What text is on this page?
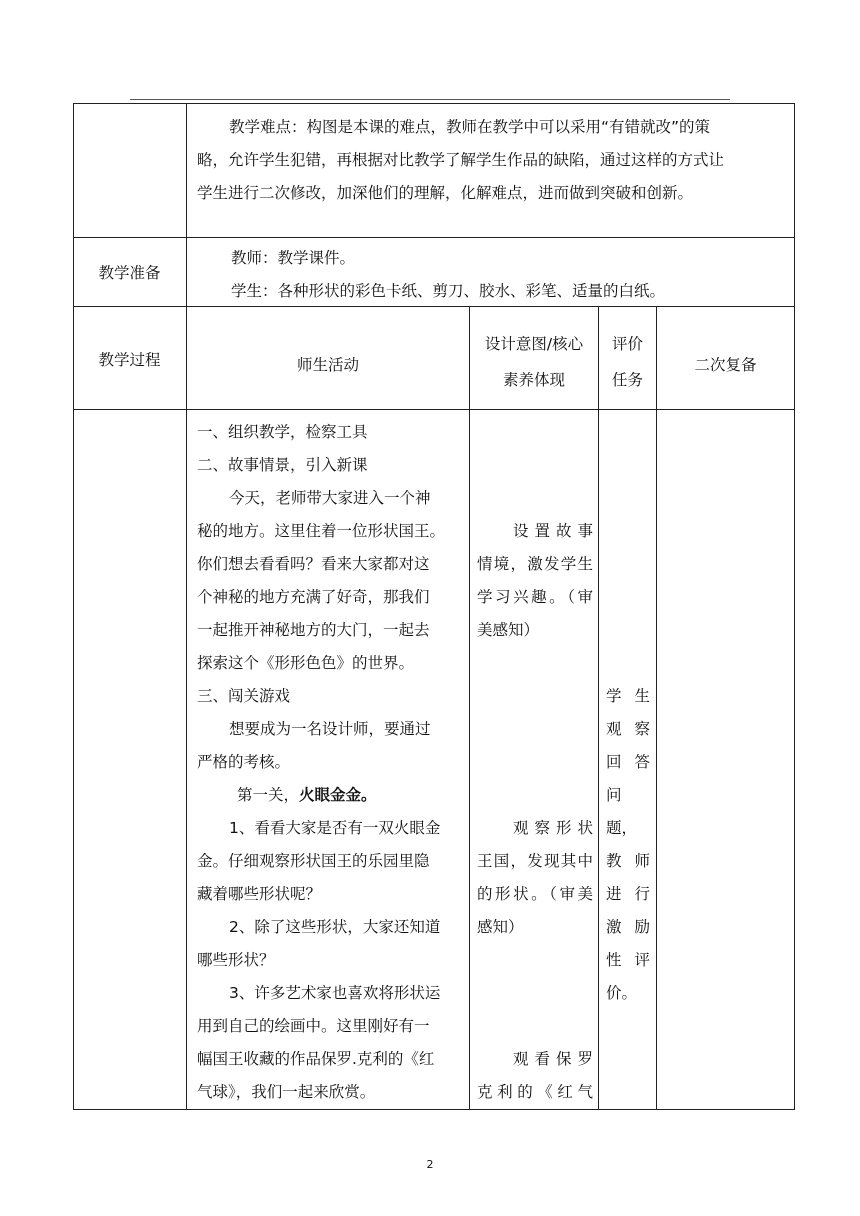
教学难点：构图是本课的难点，教师在教学中可以采用“有错就改”的策
略，允许学生犯错，再根据对比教学了解学生作品的缺陷，通过这样的方式让
学生进行二次修改，加深他们的理解，化解难点，进而做到突破和创新。
教学准备
教师：教学课件。
学生：各种形状的彩色卡纸、剪刀、胶水、彩笔、适量的白纸。
教学过程	师生活动
设计意图/核心
素养体现
评价
任务
二次复备
一、组织教学，检察工具
二、故事情景，引入新课
今天，老师带大家进入一个神
秘的地方。这里住着一位形状国王。
你们想去看看吗？看来大家都对这
个神秘的地方充满了好奇，那我们
一起推开神秘地方的大门，一起去
探索这个《形形色色》的世界。
三、闯关游戏
想要成为一名设计师，要通过
严格的考核。
第一关，火眼金金。
1、看看大家是否有一双火眼金
金。仔细观察形状国王的乐园里隐
藏着哪些形状呢？
2、除了这些形状，大家还知道
哪些形状？
3、许多艺术家也喜欢将形状运
用到自己的绘画中。这里刚好有一
幅国王收藏的作品保罗.克利的《红
气球》，我们一起来欣赏。
设置故事
情境，激发学生
学习兴趣。（审
美感知）
观察形状
王国，发现其中
的形状。（审美
感知）
观看保罗
克利的《红气
学生
观察
回答
问
题，
教师
进行
激励
性评
价。
2
